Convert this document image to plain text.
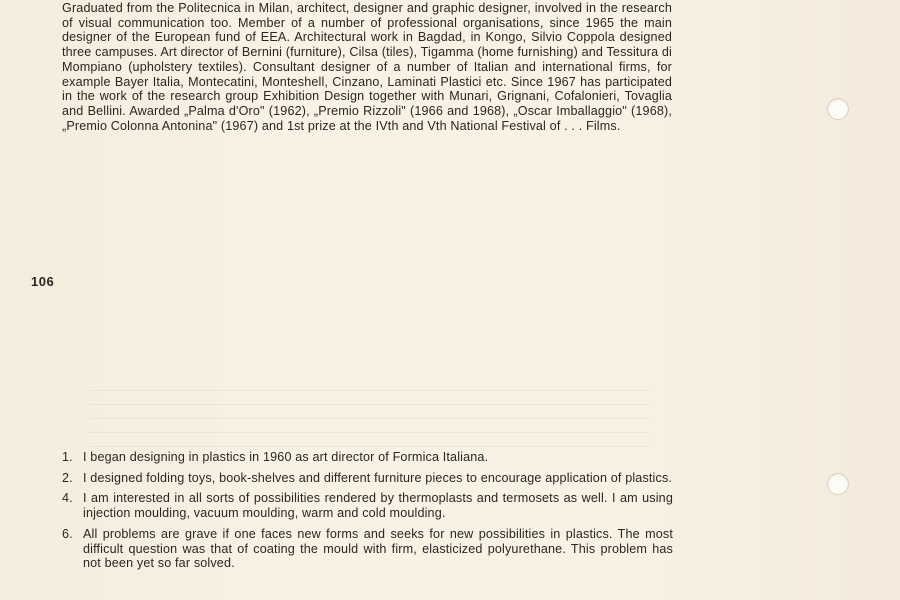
Graduated from the Politecnica in Milan, architect, designer and graphic designer, involved in the research of visual communication too. Member of a number of professional organisations, since 1965 the main designer of the European fund of EEA. Architectural work in Bagdad, in Kongo, Silvio Coppola designed three campuses. Art director of Bernini (furniture), Cilsa (tiles), Tigamma (home furnishing) and Tessitura di Mompiano (upholstery textiles). Consultant designer of a number of Italian and international firms, for example Bayer Italia, Montecatini, Monteshell, Cinzano, Laminati Plastici etc. Since 1967 has participated in the work of the research group Exhibition Design together with Munari, Grignani, Cofalonieri, Tovaglia and Bellini. Awarded „Palma d'Oro" (1962), „Premio Rizzoli" (1966 and 1968), „Oscar Imballaggio" (1968), „Premio Colonna Antonina" (1967) and 1st prize at the IVth and Vth National Festival of . . . Films.

106
1. I began designing in plastics in 1960 as art director of Formica Italiana.
2. I designed folding toys, book-shelves and different furniture pieces to encourage application of plastics.
4. I am interested in all sorts of possibilities rendered by thermoplasts and termosets as well. I am using injection moulding, vacuum moulding, warm and cold moulding.
6. All problems are grave if one faces new forms and seeks for new possibilities in plastics. The most difficult question was that of coating the mould with firm, elasticized polyurethane. This problem has not been yet so far solved.
